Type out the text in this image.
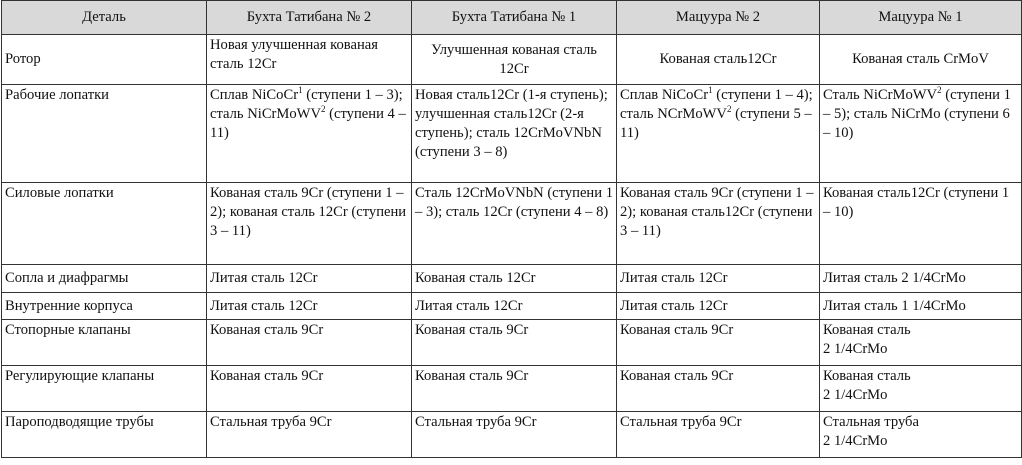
Деталь	Бухта Татибана № 2	Бухта Татибана № 1	Мацуура № 2	Мацуура № 1
Ротор	Новая улучшенная кованая сталь 12Cr	Улучшенная кованая сталь 12Cr	Кованая сталь12Cr	Кованая сталь CrMoV
Рабочие лопатки	Сплав NiCoCr$^1$ (ступени 1 – 3); сталь NiCrMoWV$^2$ (ступени 4 – 11)	Новая сталь12Cr (1-я ступень); улучшенная сталь12Cr (2-я ступень); сталь 12CrMoVNbN (ступени 3 – 8)	Сплав NiCoCr$^1$ (ступени 1 – 4); сталь NCrMoWV$^2$ (ступени 5 – 11)	Сталь NiCrMoWV$^2$ (ступени 1 – 5); сталь NiCrMo (ступени 6 – 10)
Силовые лопатки	Кованая сталь 9Cr (ступени 1 – 2); кованая сталь 12Cr (ступени 3 – 11)	Сталь 12CrMoVNbN (ступени 1 – 3); сталь 12Cr (ступени 4 – 8)	Кованая сталь 9Cr (ступени 1 – 2); кованая сталь12Cr (ступени 3 – 11)	Кованая сталь12Cr (ступени 1 – 10)
Сопла и диафрагмы	Литая сталь 12Cr	Кованая сталь 12Cr	Литая сталь 12Cr	Литая сталь 2 1/4CrMo
Внутренние корпуса	Литая сталь 12Cr	Литая сталь 12Cr	Литая сталь 12Cr	Литая сталь 1 1/4CrMo
Стопорные клапаны	Кованая сталь 9Cr	Кованая сталь 9Cr	Кованая сталь 9Cr	Кованая сталь
2 1/4CrMo

Регулирующие клапаны	Кованая сталь 9Cr	Кованая сталь 9Cr	Кованая сталь 9Cr	Кованая сталь
2 1/4CrMo

Пароподводящие трубы	Стальная труба 9Cr	Стальная труба 9Cr	Стальная труба 9Cr	Стальная труба
2 1/4CrMo
